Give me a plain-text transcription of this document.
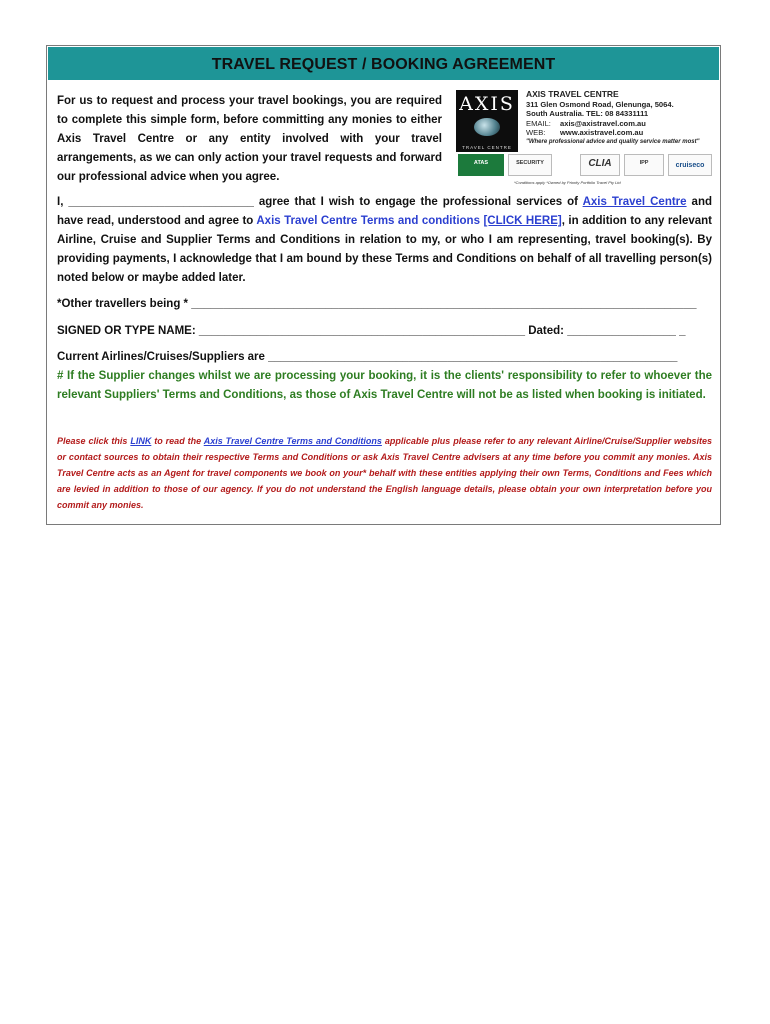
TRAVEL REQUEST / BOOKING AGREEMENT
For us to request and process your travel bookings, you are required to complete this simple form, before committing any monies to either Axis Travel Centre or any entity involved with your travel arrangements, as we can only action your travel requests and forward our professional advice when you agree.
AXIS
TRAVEL CENTRE
AXIS TRAVEL CENTRE
311 Glen Osmond Road, Glenunga, 5064.
South Australia. TEL: 08 84331111
EMAIL: axis@axistravel.com.au
WEB: www.axistravel.com.au
"Where professional advice and quality service matter most"
ATAS	SECURITY	CLIA	IPP	cruiseco
*Conditions apply *Owned by Priority Portfolio Travel Pty Ltd
I, _____________________________ agree that I wish to engage the professional services of Axis Travel Centre and have read, understood and agree to Axis Travel Centre Terms and conditions [CLICK HERE], in addition to any relevant Airline, Cruise and Supplier Terms and Conditions in relation to my, or who I am representing, travel booking(s). By providing payments, I acknowledge that I am bound by these Terms and Conditions on behalf of all travelling person(s) noted below or maybe added later.
*Other travellers being * _______________________________________________________________________________
SIGNED OR TYPE NAME: ___________________________________________________ Dated: _________________ _
Current Airlines/Cruises/Suppliers are ________________________________________________________________
# If the Supplier changes whilst we are processing your booking, it is the clients' responsibility to refer to whoever the relevant Suppliers' Terms and Conditions, as those of Axis Travel Centre will not be as listed when booking is initiated.
Please click this LINK to read the Axis Travel Centre Terms and Conditions applicable plus please refer to any relevant Airline/Cruise/Supplier websites or contact sources to obtain their respective Terms and Conditions or ask Axis Travel Centre advisers at any time before you commit any monies. Axis Travel Centre acts as an Agent for travel components we book on your* behalf with these entities applying their own Terms, Conditions and Fees which are levied in addition to those of our agency. If you do not understand the English language details, please obtain your own interpretation before you commit any monies.
